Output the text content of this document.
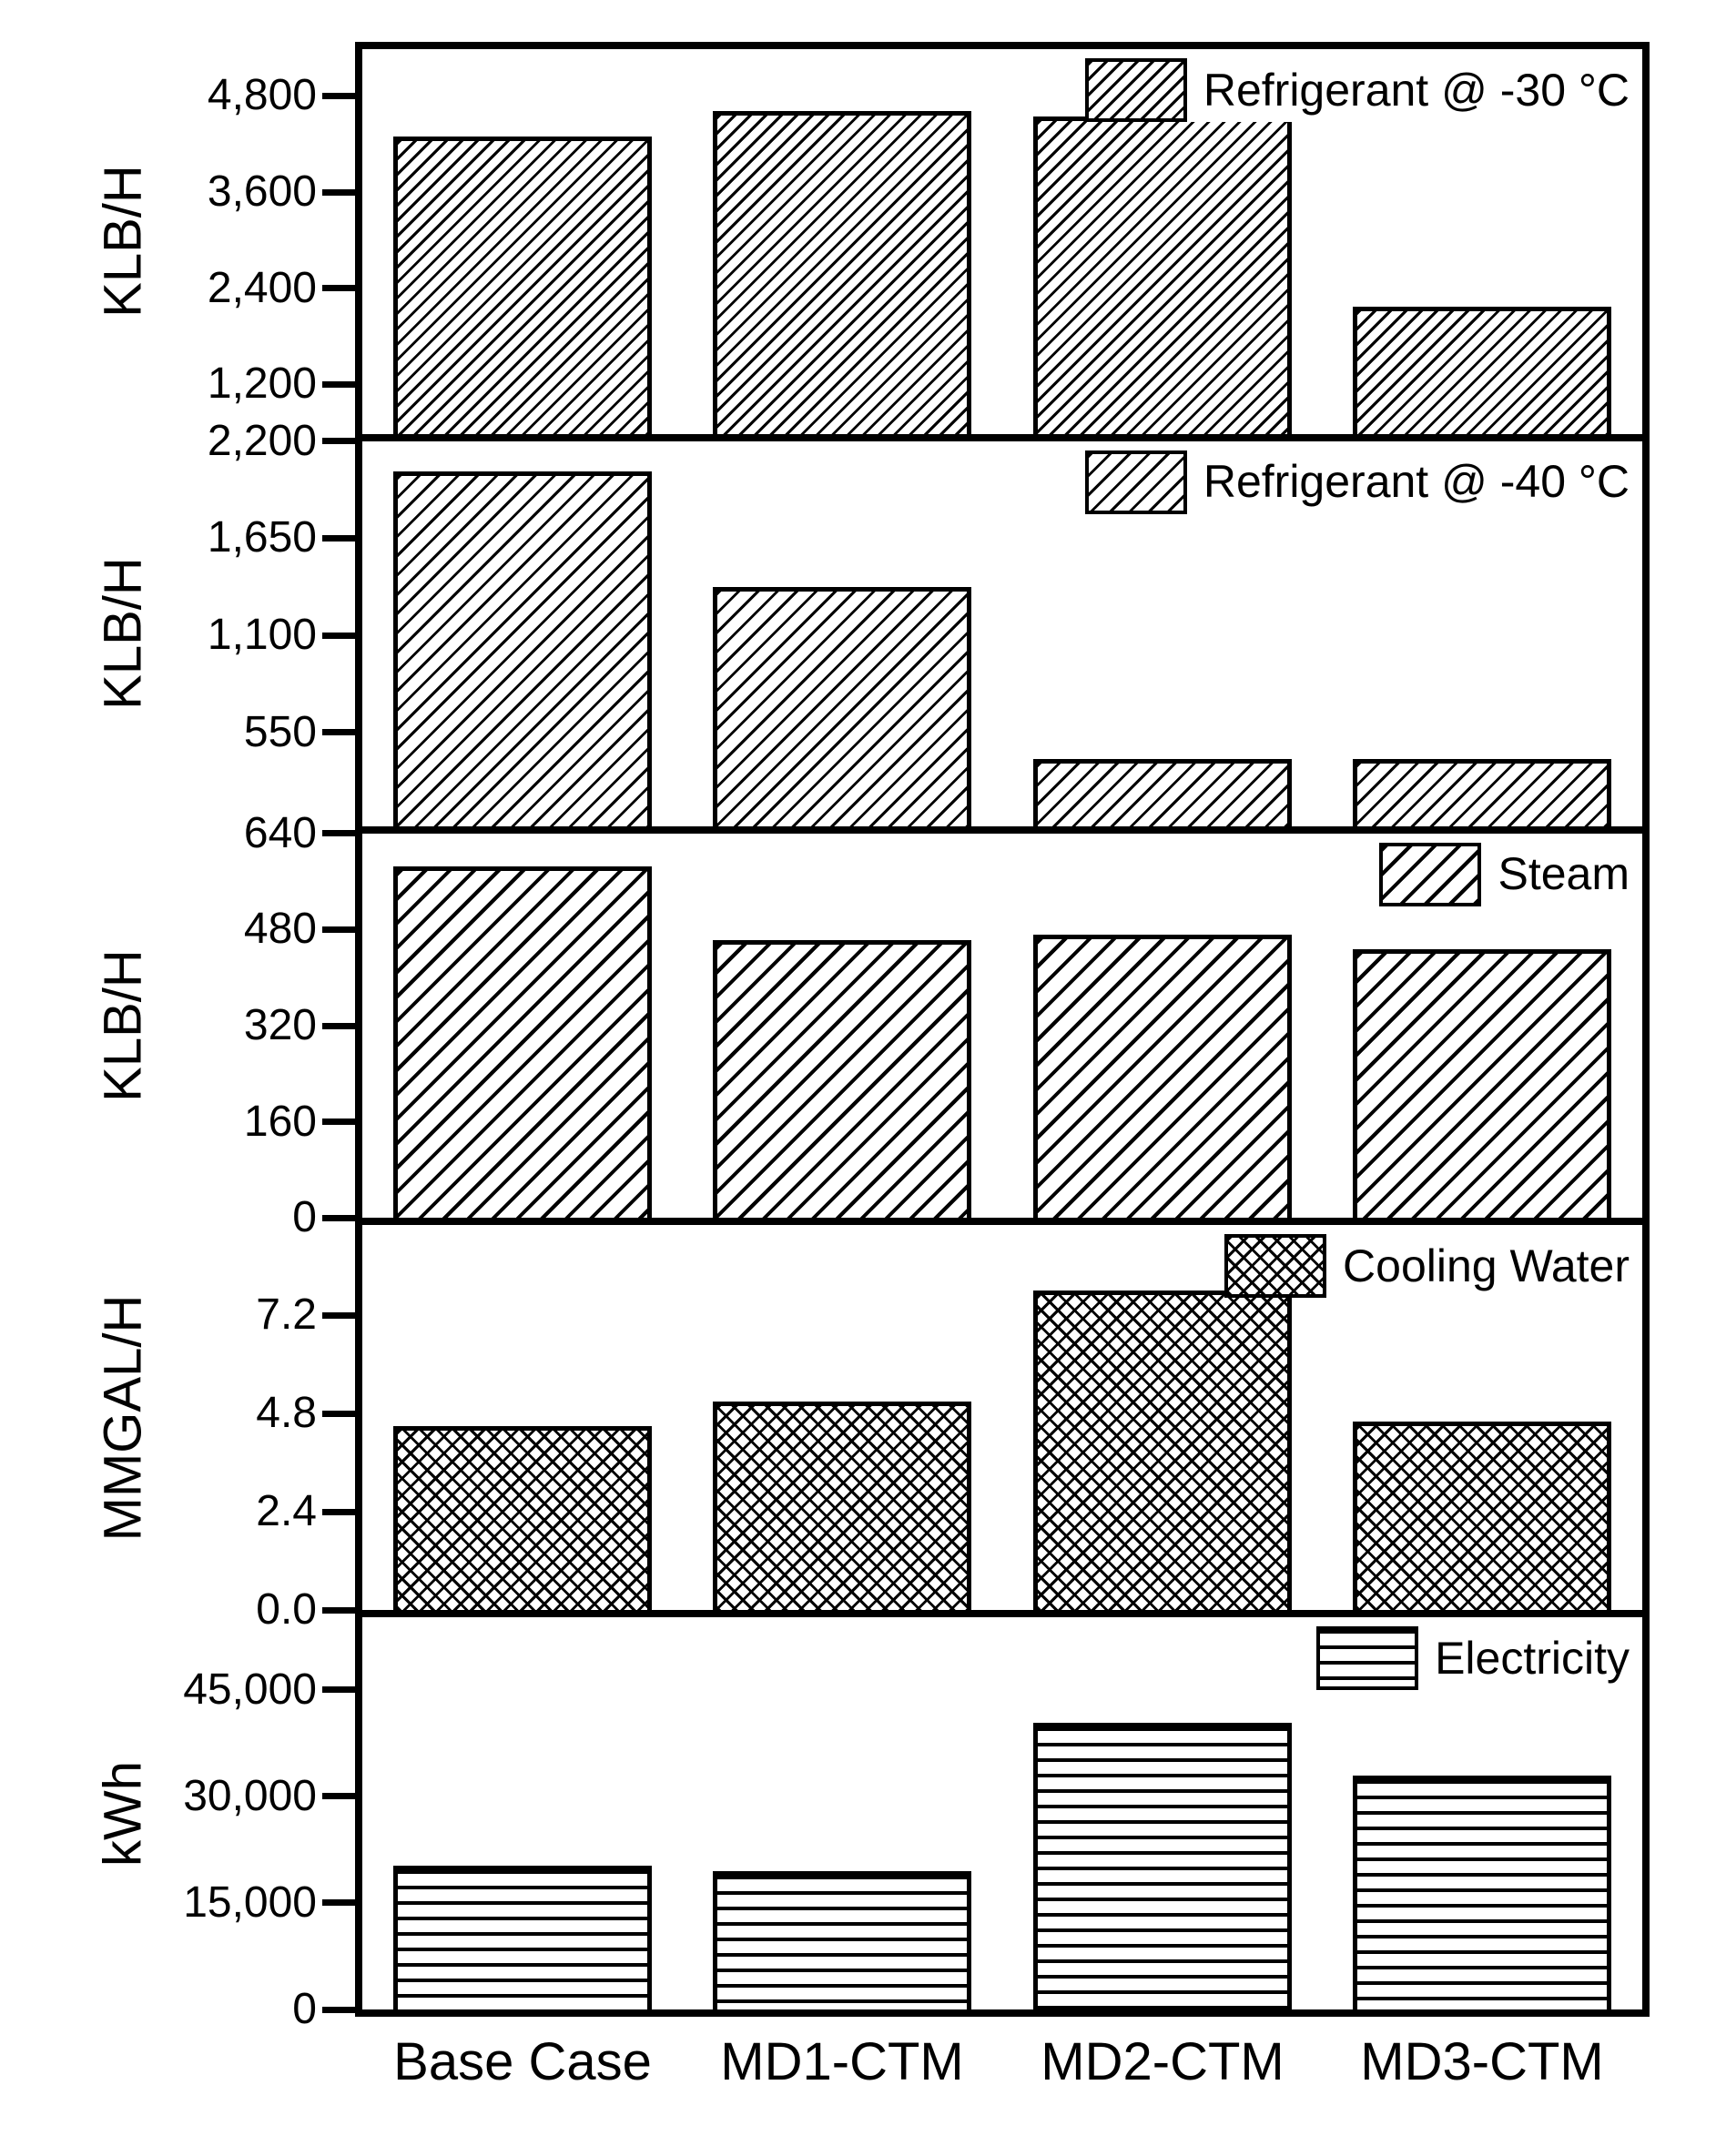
Refrigerant @ -30 °C
Refrigerant @ -40 °C
Steam
Cooling Water
Electricity
1,200
2,400
3,600
4,800
KLB/H
550
1,100
1,650
2,200
KLB/H
0
160
320
480
640
KLB/H
0.0
2.4
4.8
7.2
MMGAL/H
0
15,000
30,000
45,000
kWh
Base Case MD1-CTM MD2-CTM MD3-CTM
